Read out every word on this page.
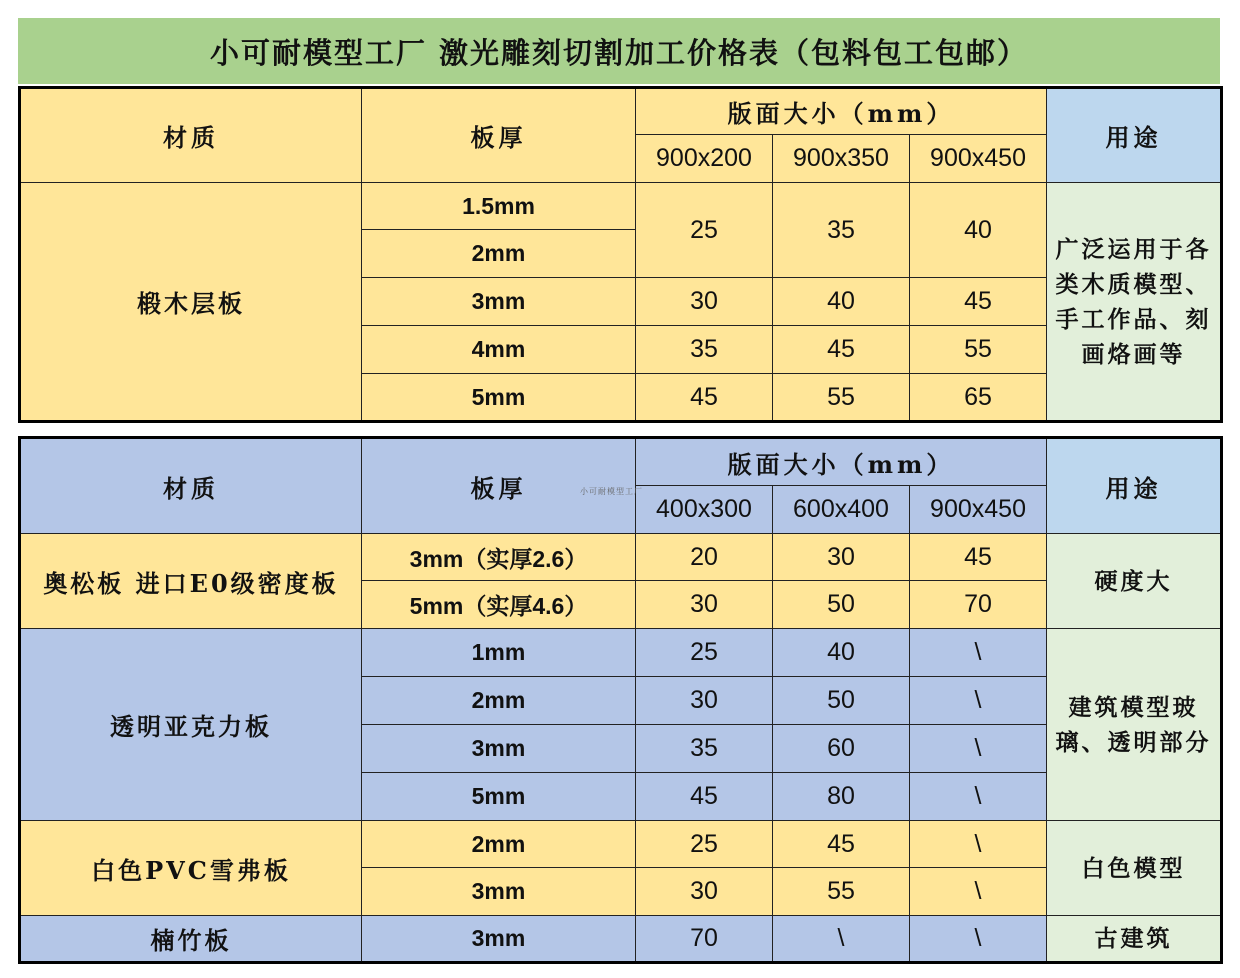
小可耐模型工厂 激光雕刻切割加工价格表（包料包工包邮）
材质	板厚	版面大小（mm）			用途
		900x200	900x350	900x450	
椴木层板	1.5mm	25	35	40	广泛运用于各类木质模型、手工作品、刻画烙画等
	2mm				
	3mm	30	40	45	
	4mm	35	45	55	
	5mm	45	55	65	
材质	板厚	版面大小（mm）			用途
		400x300	600x400	900x450	
奥松板 进口E0级密度板	3mm（实厚2.6）	20	30	45	硬度大
	5mm（实厚4.6）	30	50	70	
透明亚克力板	1mm	25	40	\	建筑模型玻璃、透明部分
	2mm	30	50	\	
	3mm	35	60	\	
	5mm	45	80	\	
白色PVC雪弗板	2mm	25	45	\	白色模型
	3mm	30	55	\	
楠竹板	3mm	70	\	\	古建筑
小可耐模型工厂
